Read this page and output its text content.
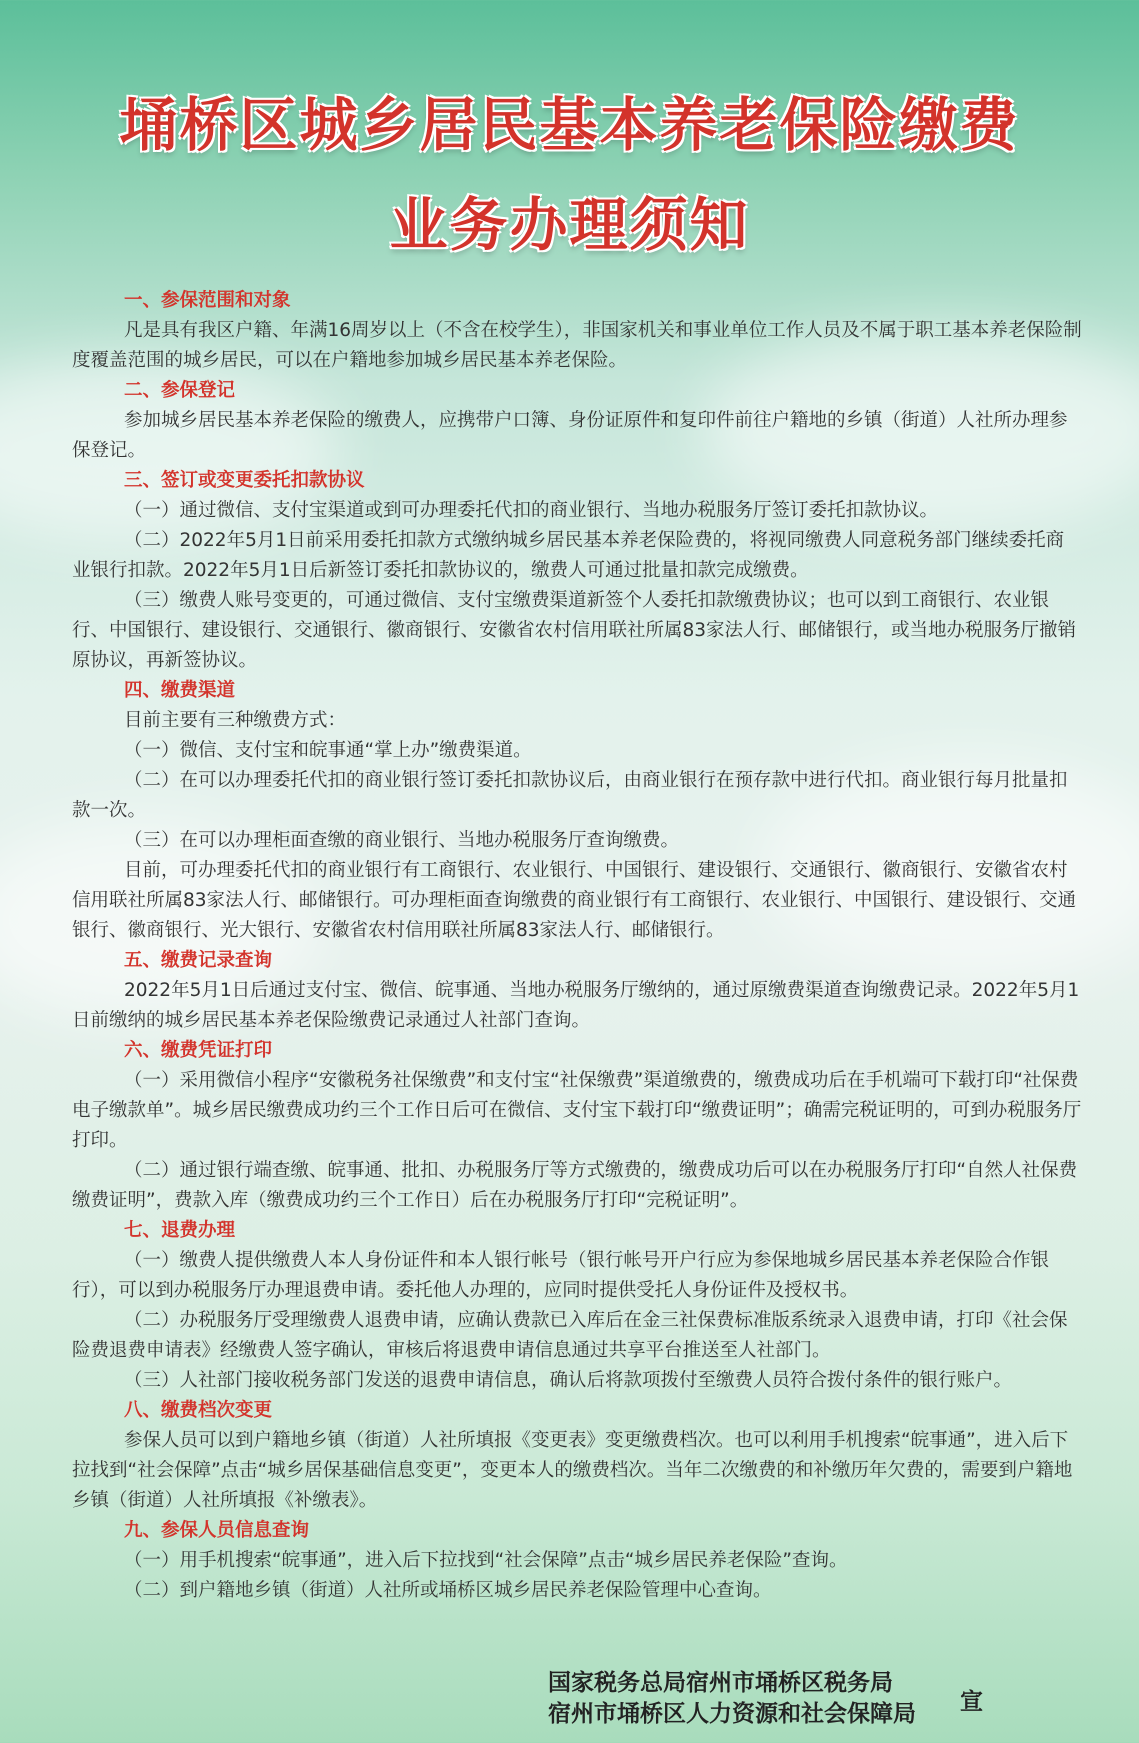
埇桥区城乡居民基本养老保险缴费
业务办理须知

一、参保范围和对象

凡是具有我区户籍、年满16周岁以上（不含在校学生），非国家机关和事业单位工作人员及不属于职工基本养老保险制度覆盖范围的城乡居民，可以在户籍地参加城乡居民基本养老保险。

二、参保登记

参加城乡居民基本养老保险的缴费人，应携带户口簿、身份证原件和复印件前往户籍地的乡镇（街道）人社所办理参保登记。

三、签订或变更委托扣款协议

（一）通过微信、支付宝渠道或到可办理委托代扣的商业银行、当地办税服务厅签订委托扣款协议。

（二）2022年5月1日前采用委托扣款方式缴纳城乡居民基本养老保险费的，将视同缴费人同意税务部门继续委托商业银行扣款。2022年5月1日后新签订委托扣款协议的，缴费人可通过批量扣款完成缴费。

（三）缴费人账号变更的，可通过微信、支付宝缴费渠道新签个人委托扣款缴费协议；也可以到工商银行、农业银行、中国银行、建设银行、交通银行、徽商银行、安徽省农村信用联社所属83家法人行、邮储银行，或当地办税服务厅撤销原协议，再新签协议。

四、缴费渠道

目前主要有三种缴费方式：

（一）微信、支付宝和皖事通“掌上办”缴费渠道。

（二）在可以办理委托代扣的商业银行签订委托扣款协议后，由商业银行在预存款中进行代扣。商业银行每月批量扣款一次。

（三）在可以办理柜面查缴的商业银行、当地办税服务厅查询缴费。

目前，可办理委托代扣的商业银行有工商银行、农业银行、中国银行、建设银行、交通银行、徽商银行、安徽省农村信用联社所属83家法人行、邮储银行。可办理柜面查询缴费的商业银行有工商银行、农业银行、中国银行、建设银行、交通银行、徽商银行、光大银行、安徽省农村信用联社所属83家法人行、邮储银行。

五、缴费记录查询

2022年5月1日后通过支付宝、微信、皖事通、当地办税服务厅缴纳的，通过原缴费渠道查询缴费记录。2022年5月1日前缴纳的城乡居民基本养老保险缴费记录通过人社部门查询。

六、缴费凭证打印

（一）采用微信小程序“安徽税务社保缴费”和支付宝“社保缴费”渠道缴费的，缴费成功后在手机端可下载打印“社保费电子缴款单”。城乡居民缴费成功约三个工作日后可在微信、支付宝下载打印“缴费证明”；确需完税证明的，可到办税服务厅打印。

（二）通过银行端查缴、皖事通、批扣、办税服务厅等方式缴费的，缴费成功后可以在办税服务厅打印“自然人社保费缴费证明”，费款入库（缴费成功约三个工作日）后在办税服务厅打印“完税证明”。

七、退费办理

（一）缴费人提供缴费人本人身份证件和本人银行帐号（银行帐号开户行应为参保地城乡居民基本养老保险合作银行），可以到办税服务厅办理退费申请。委托他人办理的，应同时提供受托人身份证件及授权书。

（二）办税服务厅受理缴费人退费申请，应确认费款已入库后在金三社保费标准版系统录入退费申请，打印《社会保险费退费申请表》经缴费人签字确认，审核后将退费申请信息通过共享平台推送至人社部门。

（三）人社部门接收税务部门发送的退费申请信息，确认后将款项拨付至缴费人员符合拨付条件的银行账户。

八、缴费档次变更

参保人员可以到户籍地乡镇（街道）人社所填报《变更表》变更缴费档次。也可以利用手机搜索“皖事通”，进入后下拉找到“社会保障”点击“城乡居保基础信息变更”，变更本人的缴费档次。当年二次缴费的和补缴历年欠费的，需要到户籍地乡镇（街道）人社所填报《补缴表》。

九、参保人员信息查询

（一）用手机搜索“皖事通”，进入后下拉找到“社会保障”点击“城乡居民养老保险”查询。

（二）到户籍地乡镇（街道）人社所或埇桥区城乡居民养老保险管理中心查询。

国家税务总局宿州市埇桥区税务局
宿州市埇桥区人力资源和社会保障局	宣
